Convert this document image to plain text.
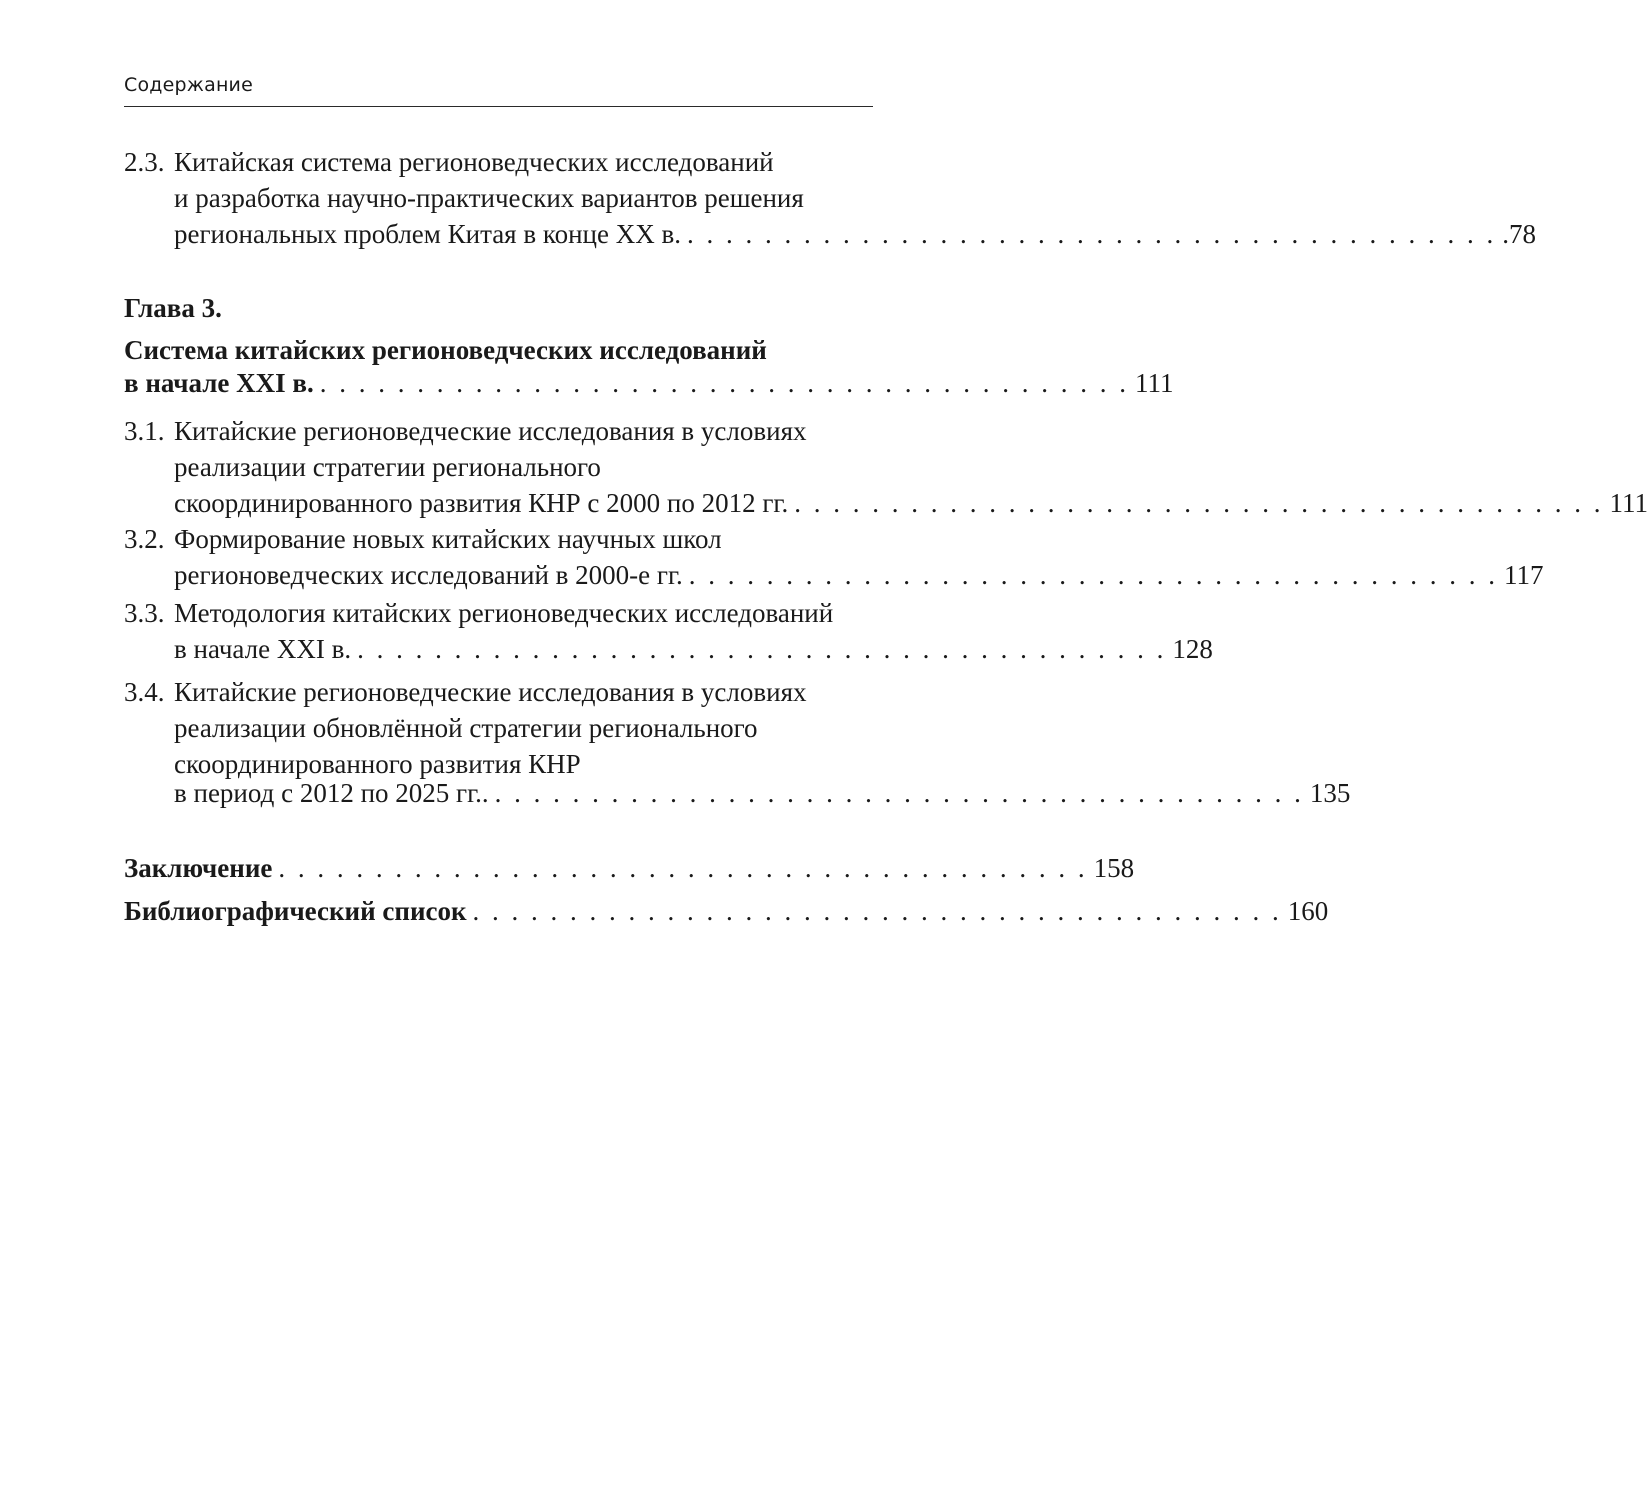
Содержание
2.3. Китайская система регионоведческих исследований
и разработка научно-практических вариантов решения
региональных проблем Китая в конце XX в. . . . . . . . . . . . . . . . . . . . . . . . . . . . . . . . . . . . . . . . . . . .78
Глава 3.
Система китайских регионоведческих исследований
в начале XXI в. . . . . . . . . . . . . . . . . . . . . . . . . . . . . . . . . . . . . . . . . . . 111
3.1. Китайские регионоведческие исследования в условиях
реализации стратегии регионального
скоординированного развития КНР с 2000 по 2012 гг. . . . . . . . . . . . . . . . . . . . . . . . . . . . . . . . . . . . . . . . . . . 111
3.2. Формирование новых китайских научных школ
регионоведческих исследований в 2000-е гг. . . . . . . . . . . . . . . . . . . . . . . . . . . . . . . . . . . . . . . . . . . 117
3.3. Методология китайских регионоведческих исследований
в начале XXI в. . . . . . . . . . . . . . . . . . . . . . . . . . . . . . . . . . . . . . . . . . . 128
3.4. Китайские регионоведческие исследования в условиях
реализации обновлённой стратегии регионального
скоординированного развития КНР
в период с 2012 по 2025 гг.. . . . . . . . . . . . . . . . . . . . . . . . . . . . . . . . . . . . . . . . . . . 135
Заключение . . . . . . . . . . . . . . . . . . . . . . . . . . . . . . . . . . . . . . . . . . 158
Библиографический список . . . . . . . . . . . . . . . . . . . . . . . . . . . . . . . . . . . . . . . . . . 160
